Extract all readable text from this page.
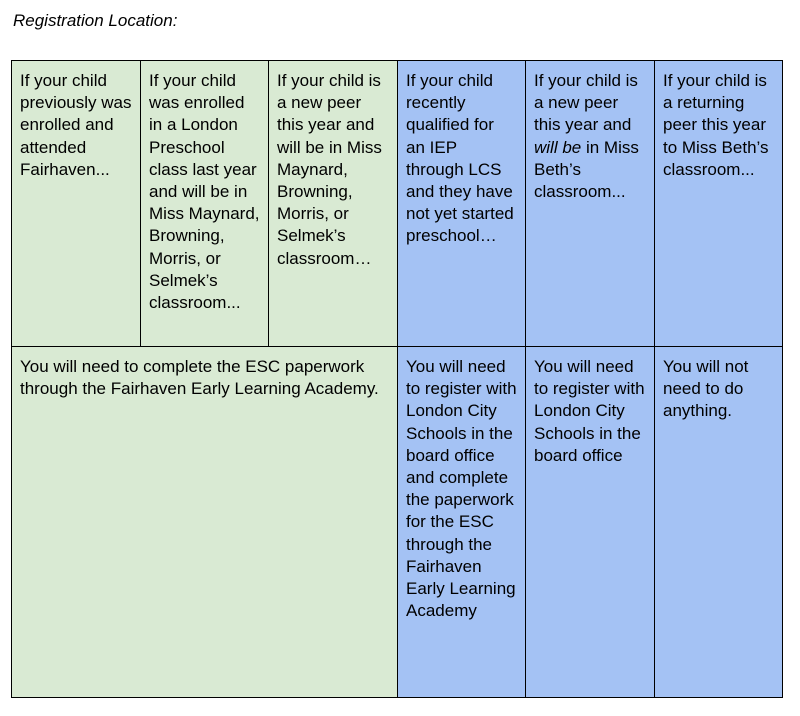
Registration Location:
If your child previously was enrolled and attended Fairhaven...	If your child was enrolled in a London Preschool class last year and will be in Miss Maynard, Browning, Morris, or Selmek’s classroom...	If your child is a new peer this year and will be in Miss Maynard, Browning, Morris, or Selmek’s classroom…	If your child recently qualified for an IEP through LCS and they have not yet started preschool…	If your child is a new peer this year and will be in Miss Beth’s classroom...	If your child is a returning peer this year to Miss Beth’s classroom...
You will need to complete the ESC paperwork through the Fairhaven Early Learning Academy.			You will need to register with London City Schools in the board office and complete the paperwork for the ESC through the Fairhaven Early Learning Academy	You will need to register with London City Schools in the board office	You will not need to do anything.
